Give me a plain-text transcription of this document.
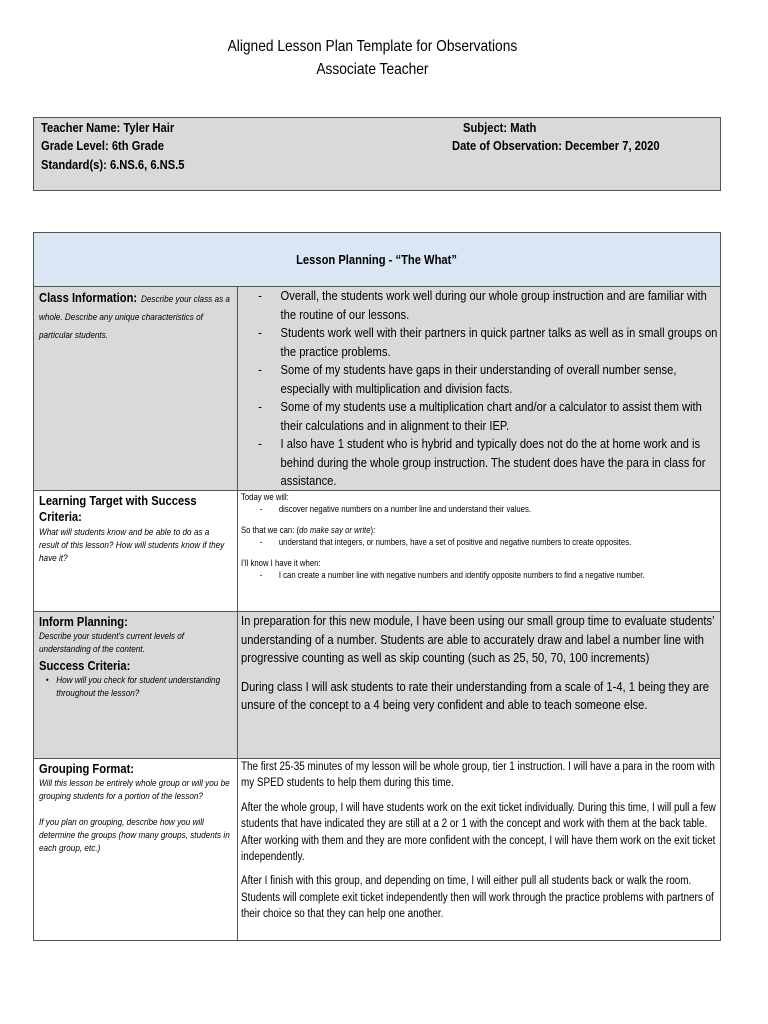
Aligned Lesson Plan Template for Observations
Associate Teacher
Teacher Name: Tyler Hair
Grade Level: 6th Grade
Standard(s): 6.NS.6, 6.NS.5
Subject: Math
Date of Observation: December 7, 2020
Lesson Planning - “The What”
Class Information: Describe your class as a whole. Describe any unique characteristics of particular students.
- Overall, the students work well during our whole group instruction and are familiar with the routine of our lessons.
- Students work well with their partners in quick partner talks as well as in small groups on the practice problems.
- Some of my students have gaps in their understanding of overall number sense, especially with multiplication and division facts.
- Some of my students use a multiplication chart and/or a calculator to assist them with their calculations and in alignment to their IEP.
- I also have 1 student who is hybrid and typically does not do the at home work and is behind during the whole group instruction. The student does have the para in class for assistance.
Learning Target with Success Criteria:
What will students know and be able to do as a result of this lesson? How will students know if they have it?
Today we will:
- discover negative numbers on a number line and understand their values.
So that we can: (do make say or write):
- understand that integers, or numbers, have a set of positive and negative numbers to create opposites.
I’ll know I have it when:
- I can create a number line with negative numbers and identify opposite numbers to find a negative number.
Inform Planning:
Describe your student's current levels of understanding of the content.
Success Criteria:
• How will you check for student understanding throughout the lesson?
In preparation for this new module, I have been using our small group time to evaluate students’ understanding of a number. Students are able to accurately draw and label a number line with progressive counting as well as skip counting (such as 25, 50, 70, 100 increments)
During class I will ask students to rate their understanding from a scale of 1-4, 1 being they are unsure of the concept to a 4 being very confident and able to teach someone else.
Grouping Format:
Will this lesson be entirely whole group or will you be grouping students for a portion of the lesson?
If you plan on grouping, describe how you will determine the groups (how many groups, students in each group, etc.)
The first 25-35 minutes of my lesson will be whole group, tier 1 instruction. I will have a para in the room with my SPED students to help them during this time.
After the whole group, I will have students work on the exit ticket individually. During this time, I will pull a few students that have indicated they are still at a 2 or 1 with the concept and work with them at the back table. After working with them and they are more confident with the concept, I will have them work on the exit ticket independently.
After I finish with this group, and depending on time, I will either pull all students back or walk the room. Students will complete exit ticket independently then will work through the practice problems with partners of their choice so that they can help one another.
